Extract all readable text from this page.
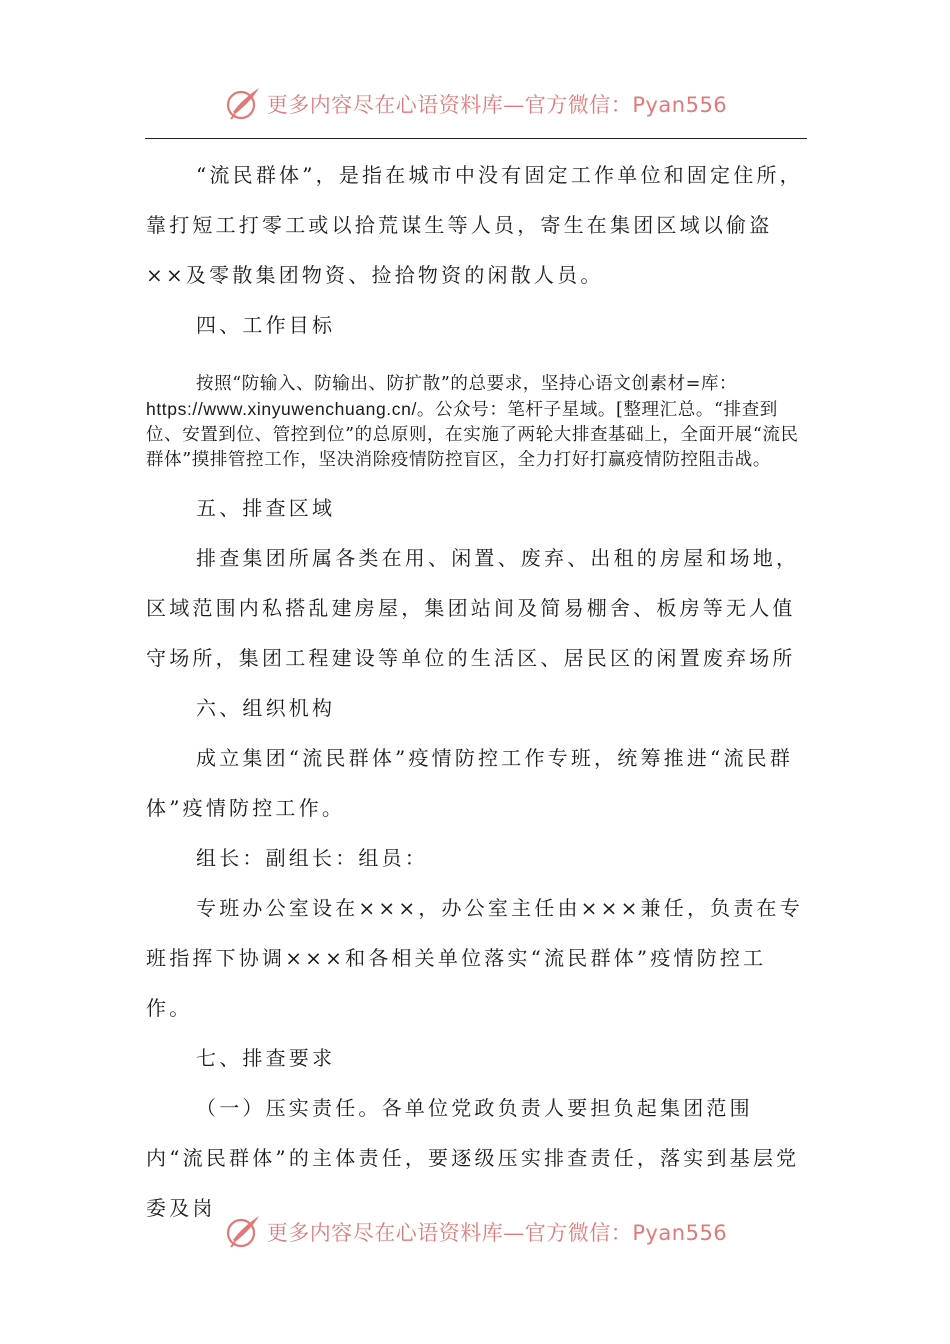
更多内容尽在心语资料库—官方微信：Pyan556

“流民群体”，是指在城市中没有固定工作单位和固定住所，靠打短工打零工或以拾荒谋生等人员，寄生在集团区域以偷盗××及零散集团物资、捡拾物资的闲散人员。

四、工作目标

按照“防输入、防输出、防扩散”的总要求，坚持心语文创素材=库：https://www.xinyuwenchuang.cn/。公众号：笔杆子星域。[整理汇总。“排查到位、安置到位、管控到位”的总原则，在实施了两轮大排查基础上，全面开展“流民群体”摸排管控工作，坚决消除疫情防控盲区，全力打好打赢疫情防控阻击战。

五、排查区域

排查集团所属各类在用、闲置、废弃、出租的房屋和场地，区域范围内私搭乱建房屋，集团站间及简易棚舍、板房等无人值守场所，集团工程建设等单位的生活区、居民区的闲置废弃场所

六、组织机构

成立集团“流民群体”疫情防控工作专班，统筹推进“流民群体”疫情防控工作。

组长：副组长：组员：

专班办公室设在×××，办公室主任由×××兼任，负责在专班指挥下协调×××和各相关单位落实“流民群体”疫情防控工作。

七、排查要求

（一）压实责任。各单位党政负责人要担负起集团范围内“流民群体”的主体责任，要逐级压实排查责任，落实到基层党委及岗

更多内容尽在心语资料库—官方微信：Pyan556
